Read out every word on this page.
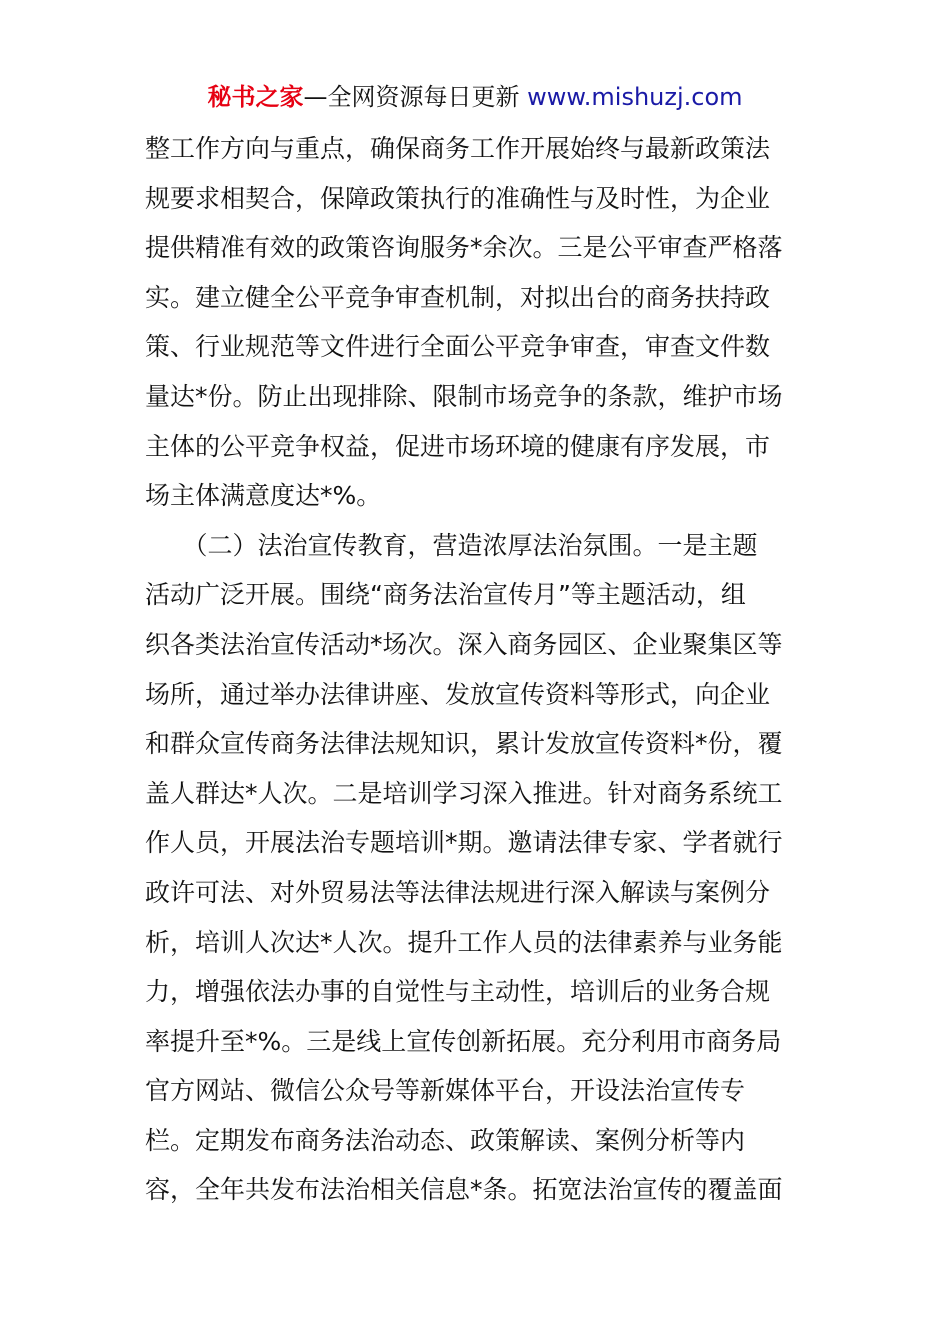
秘书之家—全网资源每日更新 www.mishuzj.com
整工作方向与重点，确保商务工作开展始终与最新政策法
规要求相契合，保障政策执行的准确性与及时性，为企业
提供精准有效的政策咨询服务*余次。三是公平审查严格落
实。建立健全公平竞争审查机制，对拟出台的商务扶持政
策、行业规范等文件进行全面公平竞争审查，审查文件数
量达*份。防止出现排除、限制市场竞争的条款，维护市场
主体的公平竞争权益，促进市场环境的健康有序发展，市
场主体满意度达*%。
　　（二）法治宣传教育，营造浓厚法治氛围。一是主题
活动广泛开展。围绕“商务法治宣传月”等主题活动，组
织各类法治宣传活动*场次。深入商务园区、企业聚集区等
场所，通过举办法律讲座、发放宣传资料等形式，向企业
和群众宣传商务法律法规知识，累计发放宣传资料*份，覆
盖人群达*人次。二是培训学习深入推进。针对商务系统工
作人员，开展法治专题培训*期。邀请法律专家、学者就行
政许可法、对外贸易法等法律法规进行深入解读与案例分
析，培训人次达*人次。提升工作人员的法律素养与业务能
力，增强依法办事的自觉性与主动性，培训后的业务合规
率提升至*%。三是线上宣传创新拓展。充分利用市商务局
官方网站、微信公众号等新媒体平台，开设法治宣传专
栏。定期发布商务法治动态、政策解读、案例分析等内
容，全年共发布法治相关信息*条。拓宽法治宣传的覆盖面
